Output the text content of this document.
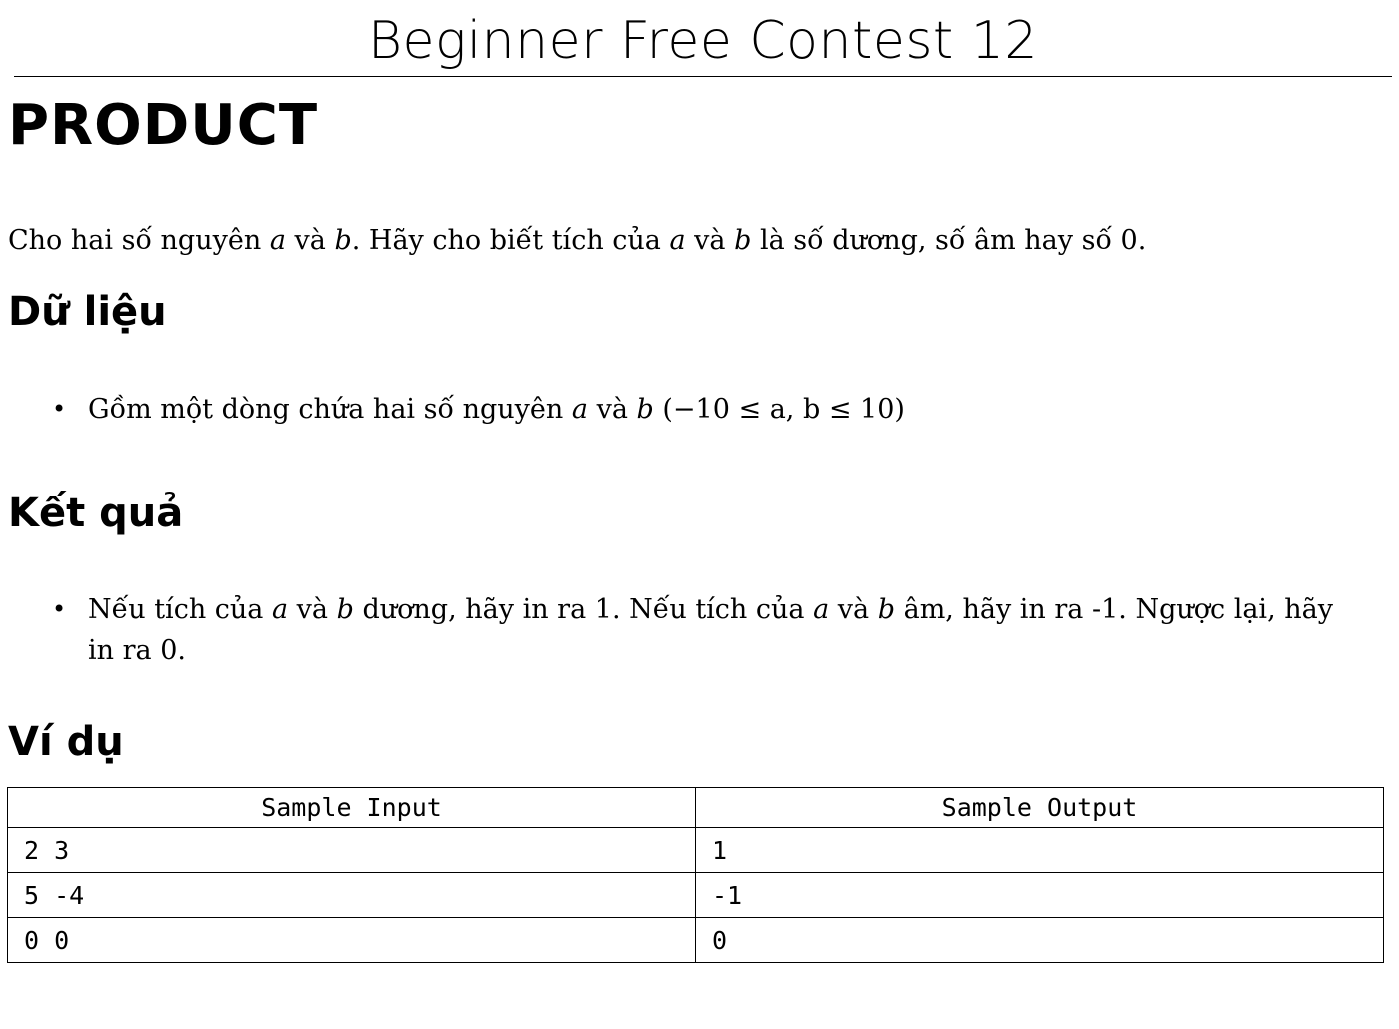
Beginner Free Contest 12
PRODUCT
Cho hai số nguyên a và b. Hãy cho biết tích của a và b là số dương, số âm hay số 0.
Dữ liệu
• Gồm một dòng chứa hai số nguyên a và b (−10 ≤ a, b ≤ 10)
Kết quả
• Nếu tích của a và b dương, hãy in ra 1. Nếu tích của a và b âm, hãy in ra -1. Ngược lại, hãy
in ra 0.
Ví dụ
Sample Input	Sample Output
2 3	1
5 -4	-1
0 0	0
